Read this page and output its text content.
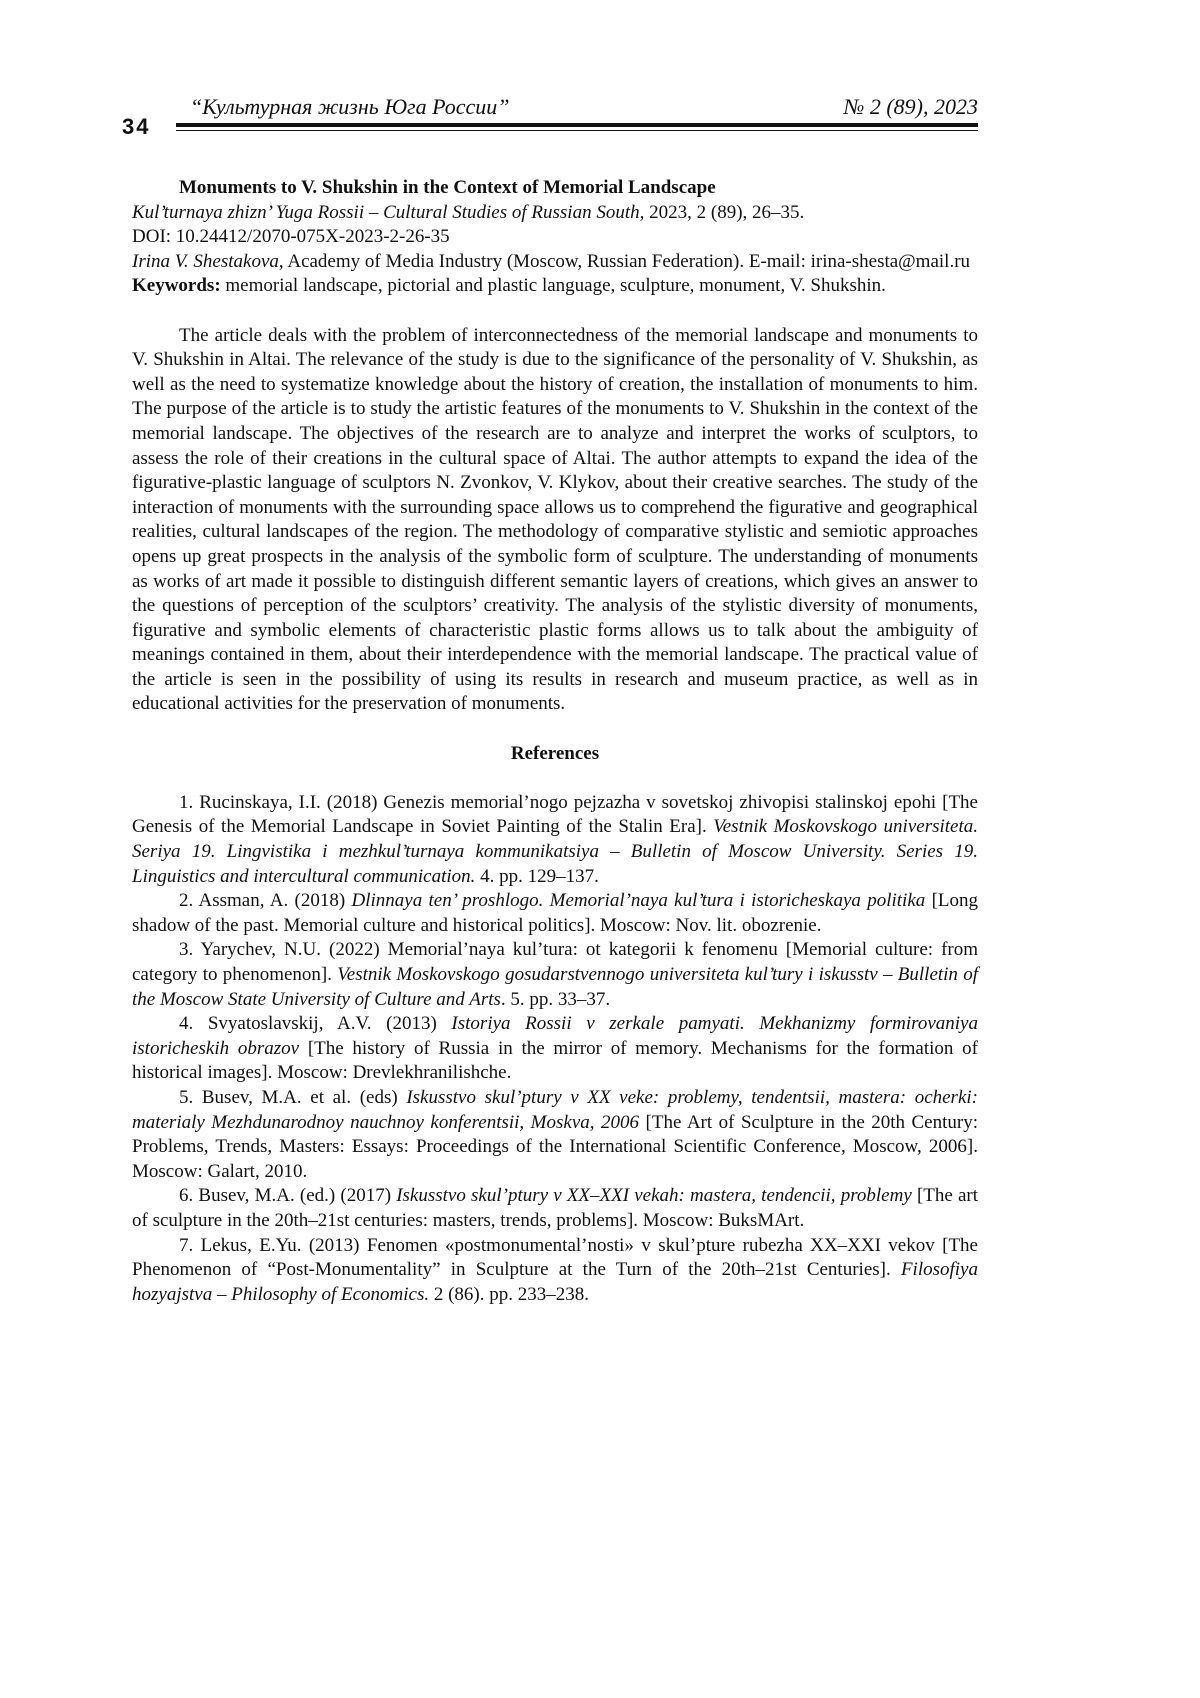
34
“Культурная жизнь Юга России”	№ 2 (89), 2023

Monuments to V. Shukshin in the Context of Memorial Landscape

Kul’turnaya zhizn’ Yuga Rossii – Cultural Studies of Russian South, 2023, 2 (89), 26–35.

DOI: 10.24412/2070-075X-2023-2-26-35

Irina V. Shestakova, Academy of Media Industry (Moscow, Russian Federation). E-mail: irina-shesta@mail.ru

Keywords: memorial landscape, pictorial and plastic language, sculpture, monument, V. Shukshin.

The article deals with the problem of interconnectedness of the memorial landscape and monuments to V. Shukshin in Altai. The relevance of the study is due to the significance of the personality of V. Shukshin, as well as the need to systematize knowledge about the history of creation, the installation of monuments to him. The purpose of the article is to study the artistic features of the monuments to V. Shukshin in the context of the memorial landscape. The objectives of the research are to analyze and interpret the works of sculptors, to assess the role of their creations in the cultural space of Altai. The author attempts to expand the idea of the figurative-plastic language of sculptors N. Zvonkov, V. Klykov, about their creative searches. The study of the interaction of monuments with the surrounding space allows us to comprehend the figurative and geographical realities, cultural landscapes of the region. The methodology of comparative stylistic and semiotic approaches opens up great prospects in the analysis of the symbolic form of sculpture. The understanding of monuments as works of art made it possible to distinguish different semantic layers of creations, which gives an answer to the questions of perception of the sculptors’ creativity. The analysis of the stylistic diversity of monuments, figurative and symbolic elements of characteristic plastic forms allows us to talk about the ambiguity of meanings contained in them, about their interdependence with the memorial landscape. The practical value of the article is seen in the possibility of using its results in research and museum practice, as well as in educational activities for the preservation of monuments.

References

1. Rucinskaya, I.I. (2018) Genezis memorial’nogo pejzazha v sovetskoj zhivopisi stalinskoj epohi [The Genesis of the Memorial Landscape in Soviet Painting of the Stalin Era]. Vestnik Moskovskogo universiteta. Seriya 19. Lingvistika i mezhkul’turnaya kommunikatsiya – Bulletin of Moscow University. Series 19. Linguistics and intercultural communication. 4. pp. 129–137.

2. Assman, A. (2018) Dlinnaya ten’ proshlogo. Memorial’naya kul’tura i istoricheskaya politika [Long shadow of the past. Memorial culture and historical politics]. Moscow: Nov. lit. obozrenie.

3. Yarychev, N.U. (2022) Memorial’naya kul’tura: ot kategorii k fenomenu [Memorial culture: from category to phenomenon]. Vestnik Moskovskogo gosudarstvennogo universiteta kul’tury i iskusstv – Bulletin of the Moscow State University of Culture and Arts. 5. pp. 33–37.

4. Svyatoslavskij, A.V. (2013) Istoriya Rossii v zerkale pamyati. Mekhanizmy formirovaniya istoricheskih obrazov [The history of Russia in the mirror of memory. Mechanisms for the formation of historical images]. Moscow: Drevlekhranilishche.

5. Busev, M.A. et al. (eds) Iskusstvo skul’ptury v XX veke: problemy, tendentsii, mastera: ocherki: materialy Mezhdunarodnoy nauchnoy konferentsii, Moskva, 2006 [The Art of Sculpture in the 20th Century: Problems, Trends, Masters: Essays: Proceedings of the International Scientific Conference, Moscow, 2006]. Moscow: Galart, 2010.

6. Busev, M.A. (ed.) (2017) Iskusstvo skul’ptury v XX–XXI vekah: mastera, tendencii, problemy [The art of sculpture in the 20th–21st centuries: masters, trends, problems]. Moscow: BuksMArt.

7. Lekus, E.Yu. (2013) Fenomen «postmonumental’nosti» v skul’pture rubezha XX–XXI vekov [The Phenomenon of “Post-Monumentality” in Sculpture at the Turn of the 20th–21st Centuries]. Filosofiya hozyajstva – Philosophy of Economics. 2 (86). pp. 233–238.
